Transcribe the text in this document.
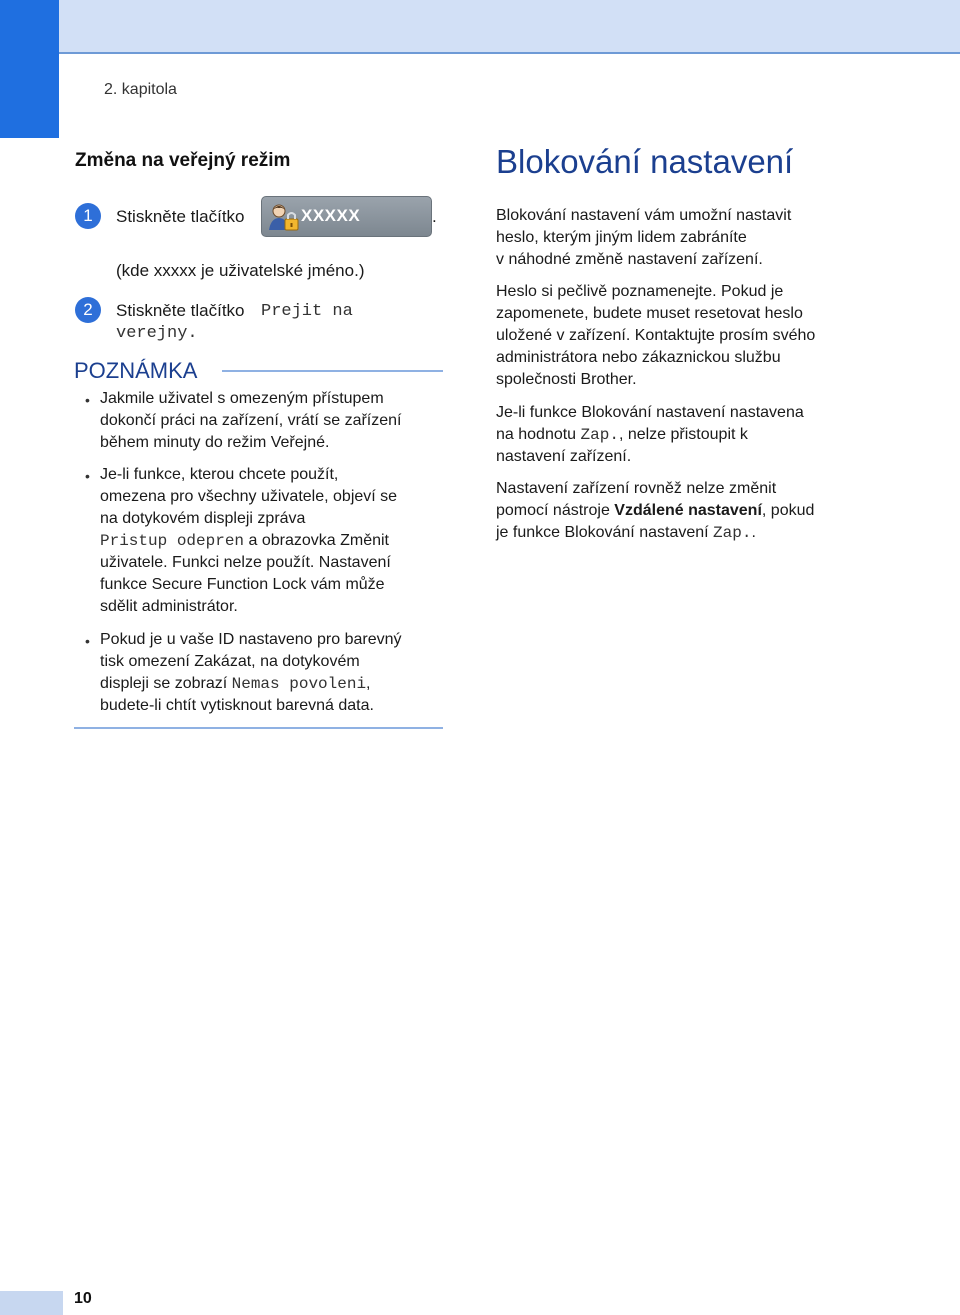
2. kapitola
Změna na veřejný režim
1	Stiskněte tlačítko	XXXXX	.
(kde xxxxx je uživatelské jméno.)
2	Stiskněte tlačítko Prejit na
verejny.
POZNÁMKA
• Jakmile uživatel s omezeným přístupem
dokončí práci na zařízení, vrátí se zařízení
během minuty do režim Veřejné.
• Je-li funkce, kterou chcete použít,
omezena pro všechny uživatele, objeví se
na dotykovém displeji zpráva
Pristup odepren a obrazovka Změnit
uživatele. Funkci nelze použít. Nastavení
funkce Secure Function Lock vám může
sdělit administrátor.
• Pokud je u vaše ID nastaveno pro barevný
tisk omezení Zakázat, na dotykovém
displeji se zobrazí Nemas povoleni,
budete-li chtít vytisknout barevná data.
Blokování nastavení
Blokování nastavení vám umožní nastavit
heslo, kterým jiným lidem zabráníte
v náhodné změně nastavení zařízení.
Heslo si pečlivě poznamenejte. Pokud je
zapomenete, budete muset resetovat heslo
uložené v zařízení. Kontaktujte prosím svého
administrátora nebo zákaznickou službu
společnosti Brother.
Je-li funkce Blokování nastavení nastavena
na hodnotu Zap., nelze přistoupit k
nastavení zařízení.
Nastavení zařízení rovněž nelze změnit
pomocí nástroje Vzdálené nastavení, pokud
je funkce Blokování nastavení Zap..
10
